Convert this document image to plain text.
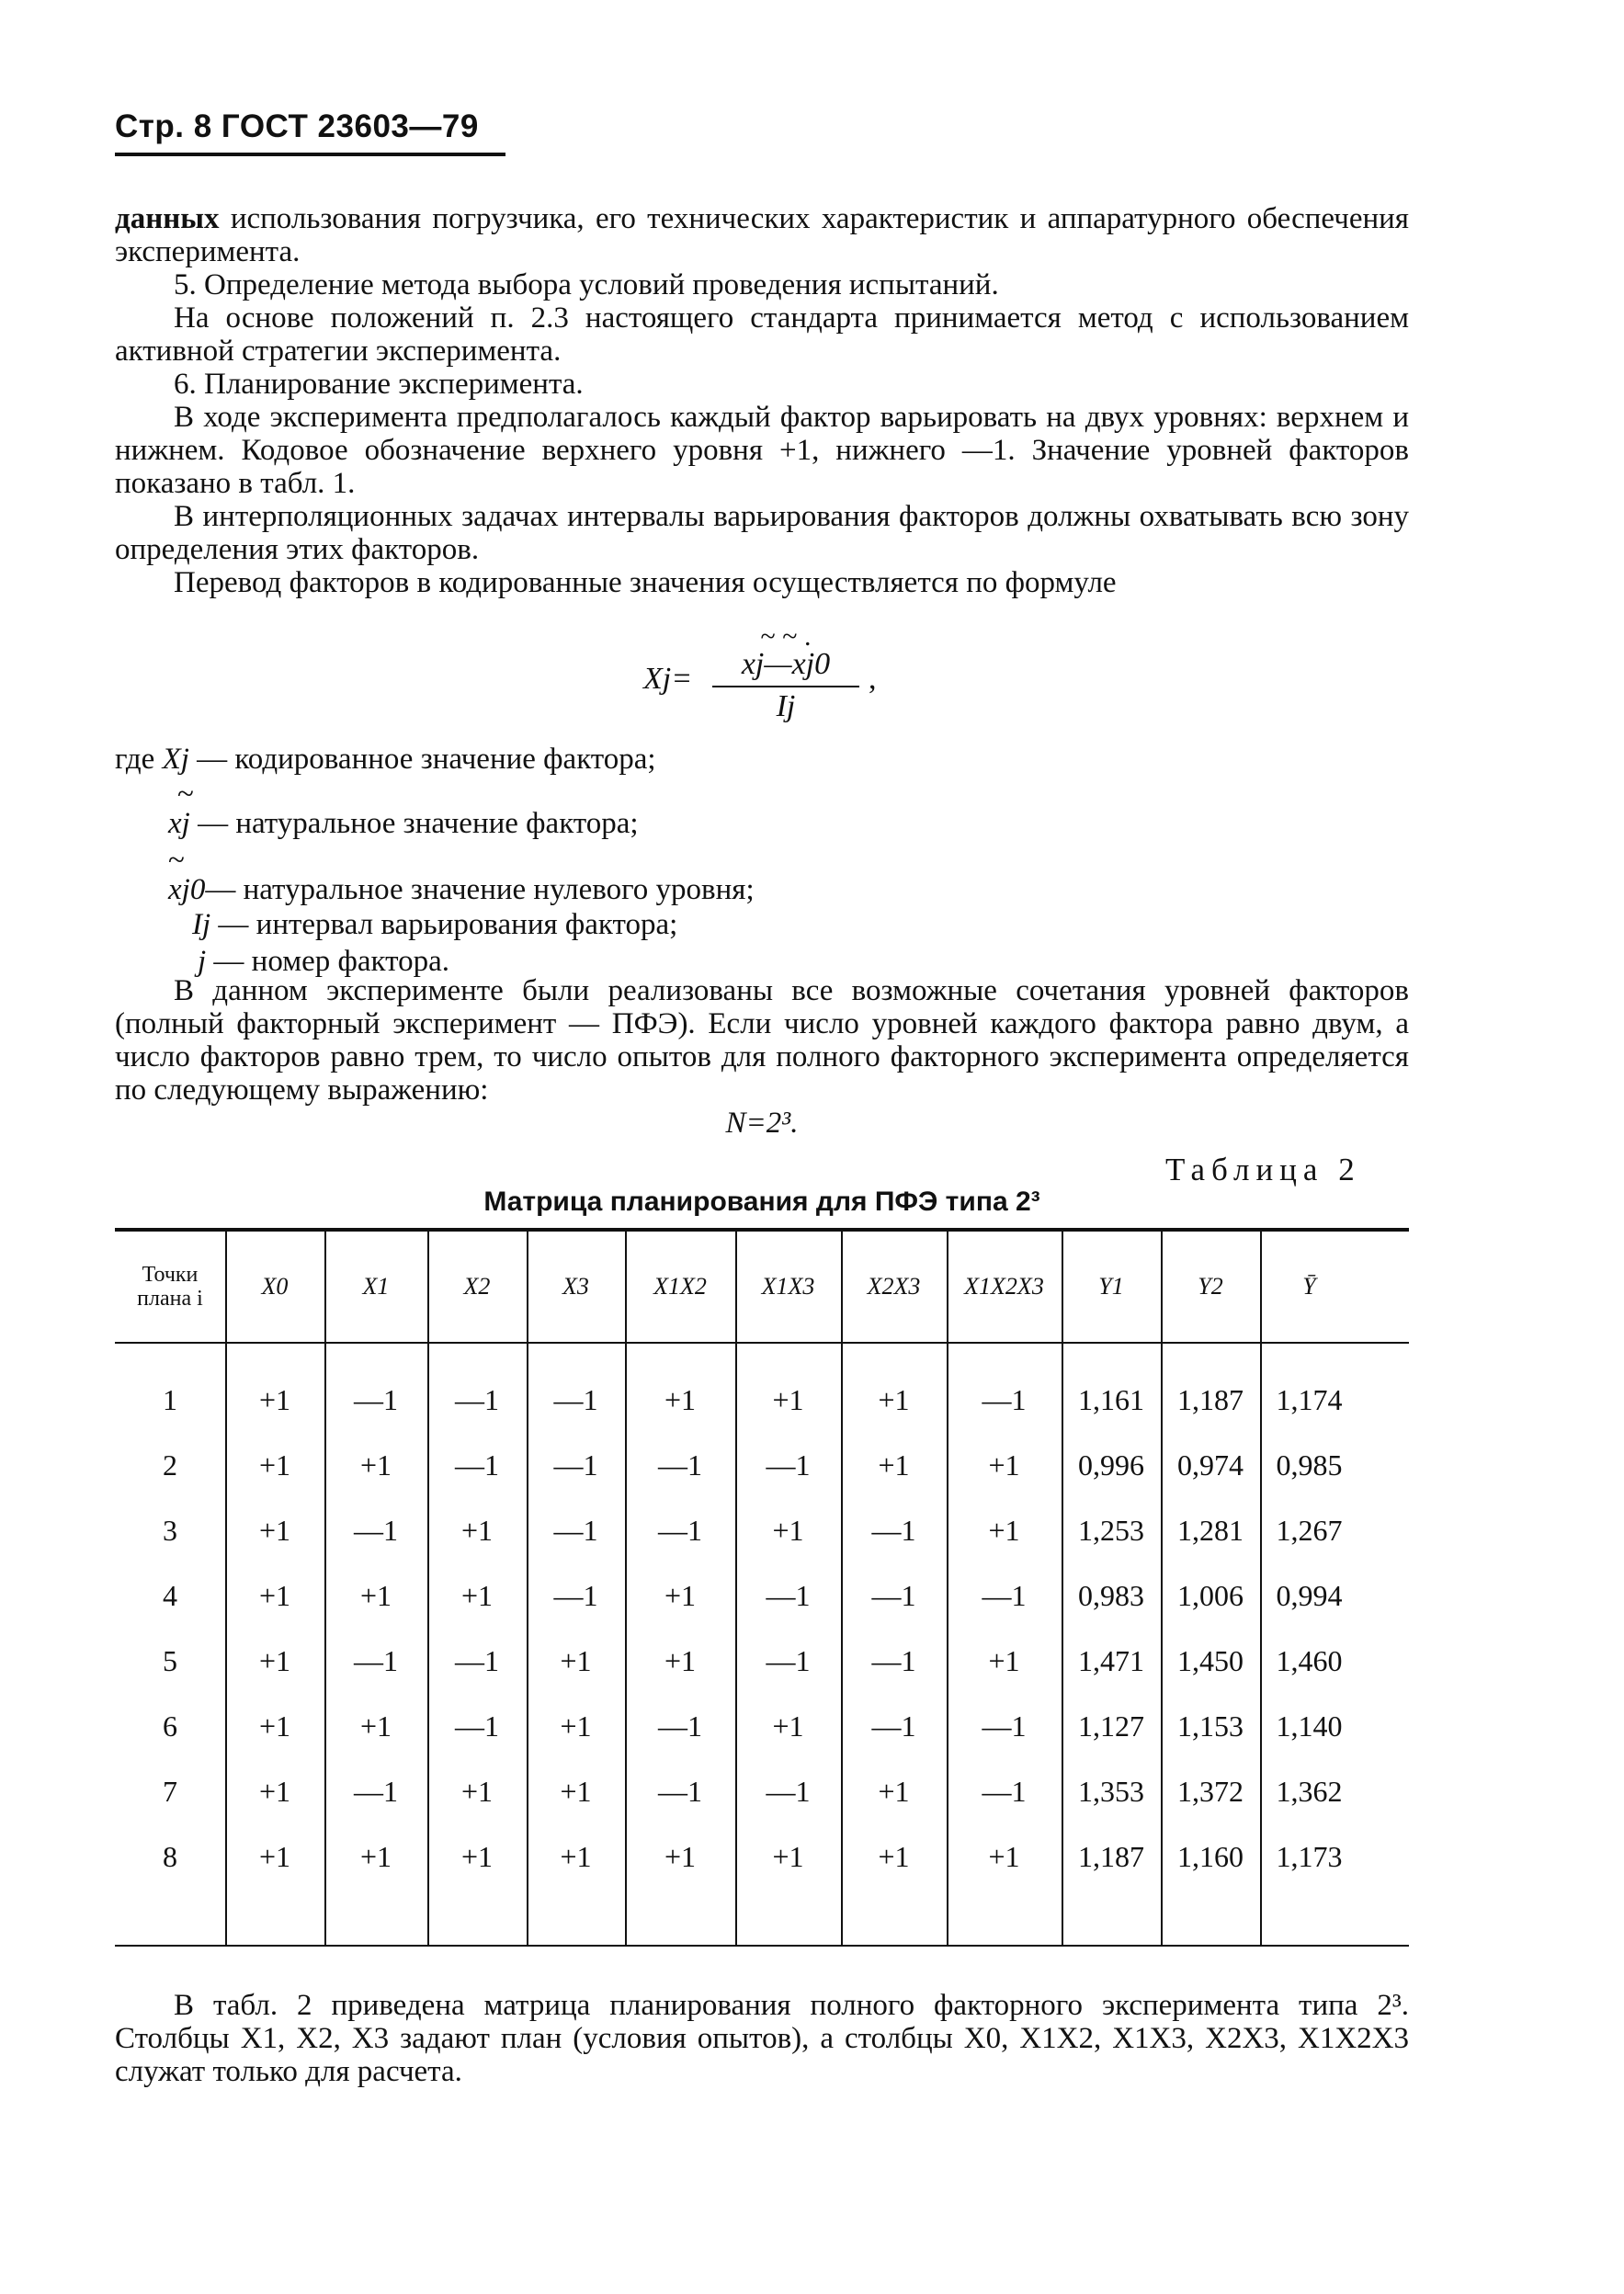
Стр. 8 ГОСТ 23603—79

данных использования погрузчика, его технических характеристик и аппаратурного обеспечения эксперимента.

5. Определение метода выбора условий проведения испытаний.

На основе положений п. 2.3 настоящего стандарта принимается метод с использованием активной стратегии эксперимента.

6. Планирование эксперимента.

В ходе эксперимента предполагалось каждый фактор варьировать на двух уровнях: верхнем и нижнем. Кодовое обозначение верхнего уровня +1, нижнего —1. Значение уровней факторов показано в табл. 1.

В интерполяционных задачах интервалы варьирования факторов должны охватывать всю зону определения этих факторов.

Перевод факторов в кодированные значения осуществляется по формуле

Xj=
~ ~ .
xj—xj0
Ij
,
где Xj — кодированное значение фактора;
~
xj — натуральное значение фактора;
~
xj0— натуральное значение нулевого уровня;
Ij — интервал варьирования фактора;
j — номер фактора.

В данном эксперименте были реализованы все возможные сочетания уровней факторов (полный факторный эксперимент — ПФЭ). Если число уровней каждого фактора равно двум, а число факторов равно трем, то число опытов для полного факторного эксперимента определяется по следующему выражению:

N=2³.

Таблица 2
Матрица планирования для ПФЭ типа 2³
Точки плана i	X0	X1	X2	X3	X1X2	X1X3	X2X3	X1X2X3	Y1	Y2	Ȳ
1	+1	—1	—1	—1	+1	+1	+1	—1	1,161	1,187	1,174
2	+1	+1	—1	—1	—1	—1	+1	+1	0,996	0,974	0,985
3	+1	—1	+1	—1	—1	+1	—1	+1	1,253	1,281	1,267
4	+1	+1	+1	—1	+1	—1	—1	—1	0,983	1,006	0,994
5	+1	—1	—1	+1	+1	—1	—1	+1	1,471	1,450	1,460
6	+1	+1	—1	+1	—1	+1	—1	—1	1,127	1,153	1,140
7	+1	—1	+1	+1	—1	—1	+1	—1	1,353	1,372	1,362
8	+1	+1	+1	+1	+1	+1	+1	+1	1,187	1,160	1,173

В табл. 2 приведена матрица планирования полного факторного эксперимента типа 2³. Столбцы X1, X2, X3 задают план (условия опытов), а столбцы X0, X1X2, X1X3, X2X3, X1X2X3 служат только для расчета.
